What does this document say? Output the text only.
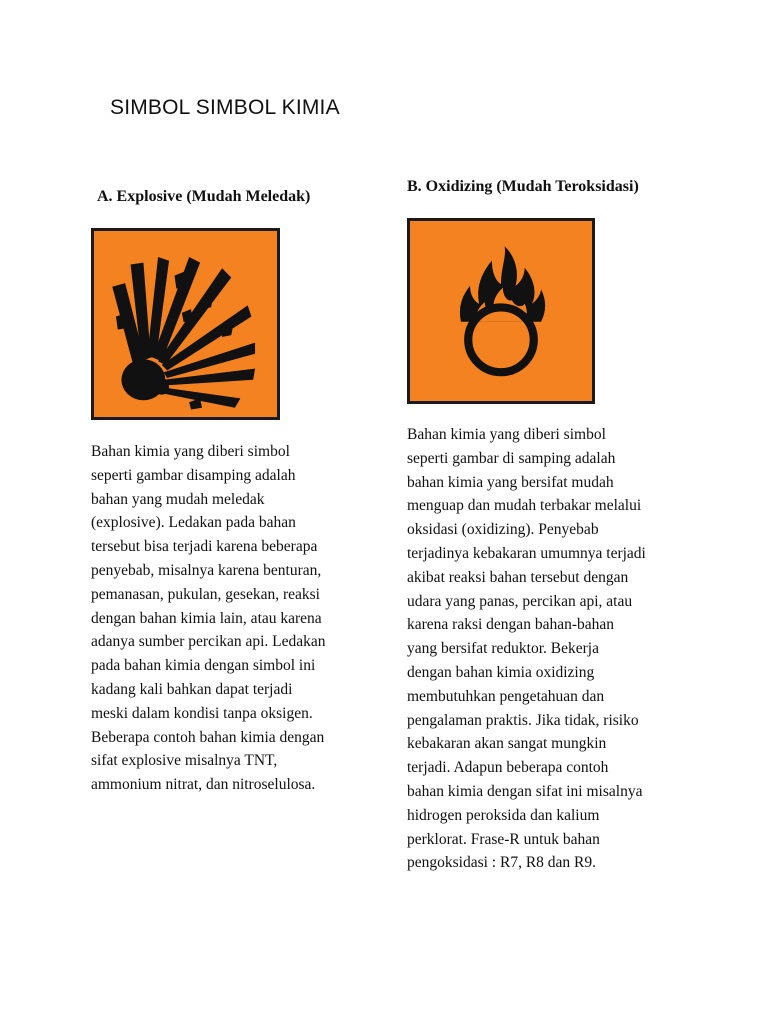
SIMBOL SIMBOL KIMIA
A. Explosive (Mudah Meledak)
Bahan kimia yang diberi simbol
seperti gambar disamping adalah
bahan yang mudah meledak
(explosive). Ledakan pada bahan
tersebut bisa terjadi karena beberapa
penyebab, misalnya karena benturan,
pemanasan, pukulan, gesekan, reaksi
dengan bahan kimia lain, atau karena
adanya sumber percikan api. Ledakan
pada bahan kimia dengan simbol ini
kadang kali bahkan dapat terjadi
meski dalam kondisi tanpa oksigen.
Beberapa contoh bahan kimia dengan
sifat explosive misalnya TNT,
ammonium nitrat, dan nitroselulosa.
B. Oxidizing (Mudah Teroksidasi)
Bahan kimia yang diberi simbol
seperti gambar di samping adalah
bahan kimia yang bersifat mudah
menguap dan mudah terbakar melalui
oksidasi (oxidizing). Penyebab
terjadinya kebakaran umumnya terjadi
akibat reaksi bahan tersebut dengan
udara yang panas, percikan api, atau
karena raksi dengan bahan-bahan
yang bersifat reduktor. Bekerja
dengan bahan kimia oxidizing
membutuhkan pengetahuan dan
pengalaman praktis. Jika tidak, risiko
kebakaran akan sangat mungkin
terjadi. Adapun beberapa contoh
bahan kimia dengan sifat ini misalnya
hidrogen peroksida dan kalium
perklorat. Frase-R untuk bahan
pengoksidasi : R7, R8 dan R9.
